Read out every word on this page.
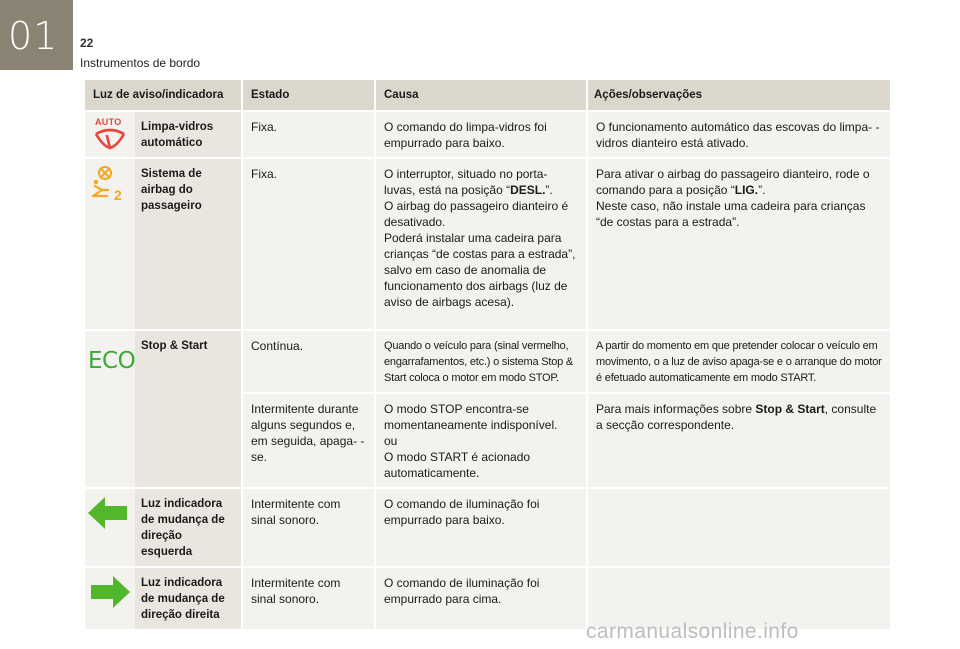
01 22
Instrumentos de bordo
Luz de aviso/indicadora		Estado	Causa	Ações/observações

AUTO	Limpa-vidros automático	Fixa.	O comando do limpa-vidros foi empurrado para baixo.	O funcionamento automático das escovas do limpa- -vidros dianteiro está ativado.

2	Sistema de airbag do passageiro	Fixa.	O interruptor, situado no porta-luvas, está na posição “DESL.”.
O airbag do passageiro dianteiro é desativado.
Poderá instalar uma cadeira para crianças “de costas para a estrada”, salvo em caso de anomalia de funcionamento dos airbags (luz de aviso de airbags acesa).	Para ativar o airbag do passageiro dianteiro, rode o comando para a posição “LIG.”.
Neste caso, não instale uma cadeira para crianças “de costas para a estrada”.

ECO	Stop & Start	Contínua.	Quando o veículo para (sinal vermelho, engarrafamentos, etc.) o sistema Stop & Start coloca o motor em modo STOP.	A partir do momento em que pretender colocar o veículo em movimento, o a luz de aviso apaga-se e o arranque do motor é efetuado automaticamente em modo START.
		Intermitente durante alguns segundos e, em seguida, apaga- -se.	O modo STOP encontra-se momentaneamente indisponível.
ou
O modo START é acionado automaticamente.	Para mais informações sobre Stop & Start, consulte a secção correspondente.

	Luz indicadora de mudança de direção esquerda	Intermitente com sinal sonoro.	O comando de iluminação foi empurrado para baixo.	

	Luz indicadora de mudança de direção direita	Intermitente com sinal sonoro.	O comando de iluminação foi empurrado para cima.	
carmanualsonline.info
